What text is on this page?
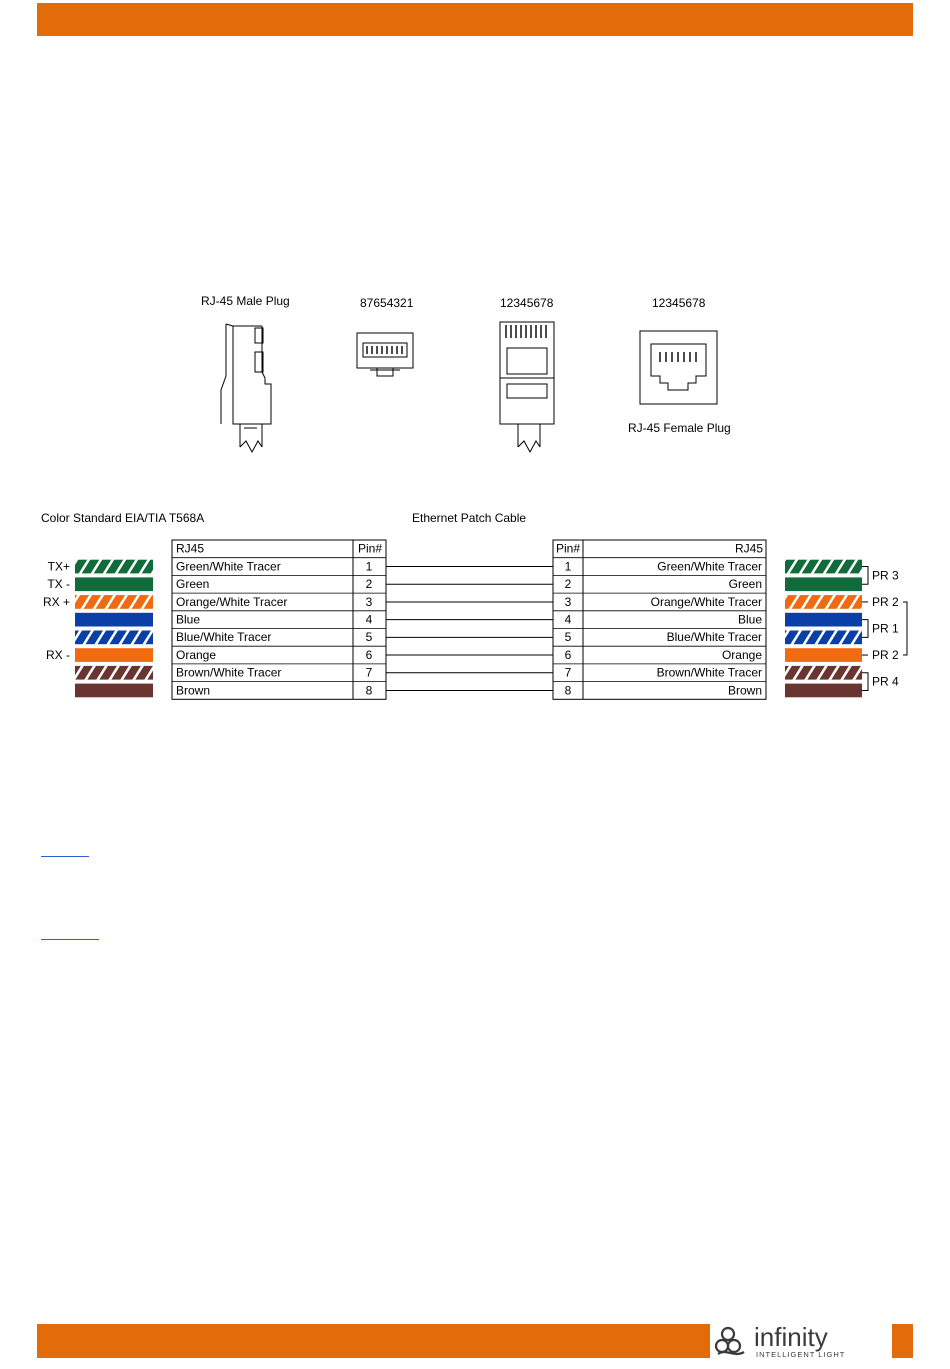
RJ-45 Male Plug	87654321	12345678	12345678
RJ-45 Female Plug
Color Standard EIA/TIA T568A	Ethernet Patch Cable
RJ45	Pin#	Pin#	RJ45
TX+	Green/White Tracer	1	1	Green/White Tracer
TX -	Green	2	2	Green
RX +	Orange/White Tracer	3	3	Orange/White Tracer
Blue	4	4	Blue
Blue/White Tracer	5	5	Blue/White Tracer
RX -	Orange	6	6	Orange
Brown/White Tracer	7	7	Brown/White Tracer
Brown	8	8	Brown
PR 3
PR 4
PR 1
PR 2
PR 2
infinity
INTELLIGENT LIGHT
